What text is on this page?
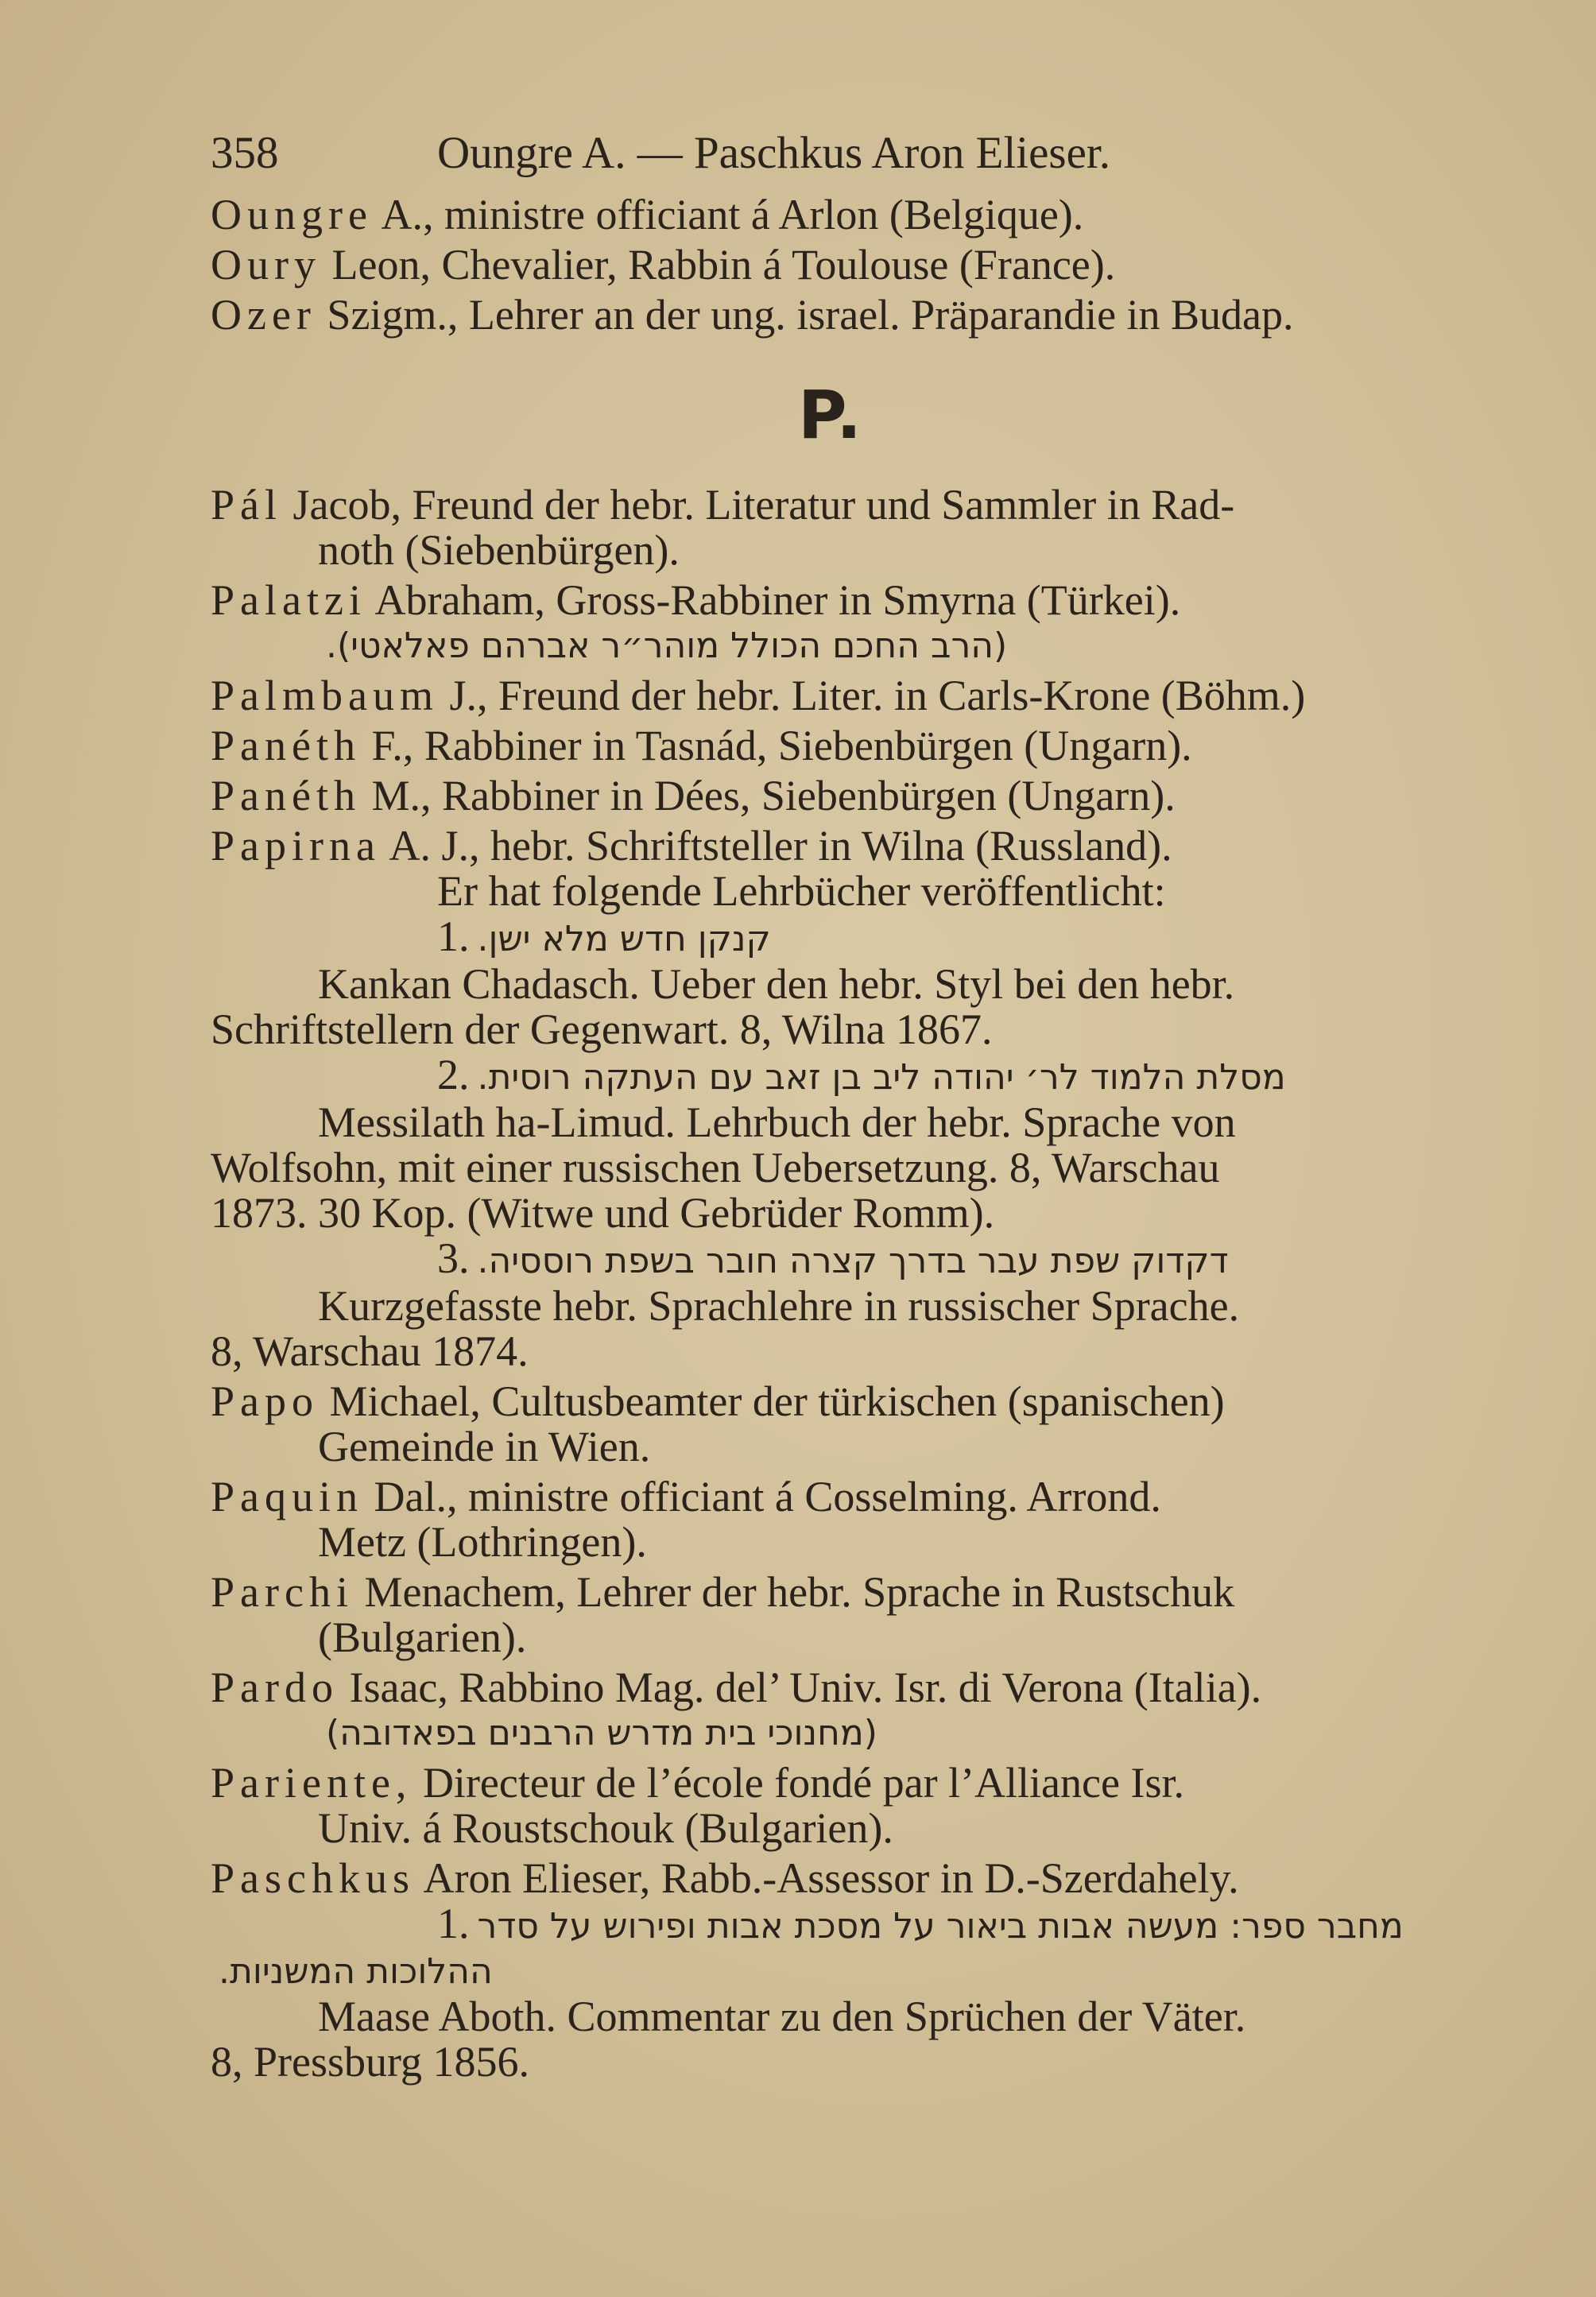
358	Oungre A. — Paschkus Aron Elieser.
Oungre A., ministre officiant á Arlon (Belgique).
Oury Leon, Chevalier, Rabbin á Toulouse (France).
Ozer Szigm., Lehrer an der ung. israel. Präparandie in Budap.
P.
Pál Jacob, Freund der hebr. Literatur und Sammler in Rad-
noth (Siebenbürgen).
Palatzi Abraham, Gross-Rabbiner in Smyrna (Türkei).
(הרב החכם הכולל מוהר״ר אברהם פאלאטי).
Palmbaum J., Freund der hebr. Liter. in Carls-Krone (Böhm.)
Panéth F., Rabbiner in Tasnád, Siebenbürgen (Ungarn).
Panéth M., Rabbiner in Dées, Siebenbürgen (Ungarn).
Papirna A. J., hebr. Schriftsteller in Wilna (Russland).
Er hat folgende Lehrbücher veröffentlicht:
1. קנקן חדש מלא ישן.
Kankan Chadasch. Ueber den hebr. Styl bei den hebr.
Schriftstellern der Gegenwart. 8, Wilna 1867.
2. מסלת הלמוד לר׳ יהודה ליב בן זאב עם העתקה רוסית.
Messilath ha-Limud. Lehrbuch der hebr. Sprache von
Wolfsohn, mit einer russischen Uebersetzung. 8, Warschau
1873. 30 Kop. (Witwe und Gebrüder Romm).
3. דקדוק שפת עבר בדרך קצרה חובר בשפת רוססיה.
Kurzgefasste hebr. Sprachlehre in russischer Sprache.
8, Warschau 1874.
Papo Michael, Cultusbeamter der türkischen (spanischen)
Gemeinde in Wien.
Paquin Dal., ministre officiant á Cosselming. Arrond.
Metz (Lothringen).
Parchi Menachem, Lehrer der hebr. Sprache in Rustschuk
(Bulgarien).
Pardo Isaac, Rabbino Mag. del’ Univ. Isr. di Verona (Italia).
(מחנוכי בית מדרש הרבנים בפאדובה)
Pariente, Directeur de l’école fondé par l’Alliance Isr.
Univ. á Roustschouk (Bulgarien).
Paschkus Aron Elieser, Rabb.-Assessor in D.-Szerdahely.
1. מחבר ספר: מעשה אבות ביאור על מסכת אבות ופירוש על סדר
ההלוכות המשניות.
Maase Aboth. Commentar zu den Sprüchen der Väter.
8, Pressburg 1856.
